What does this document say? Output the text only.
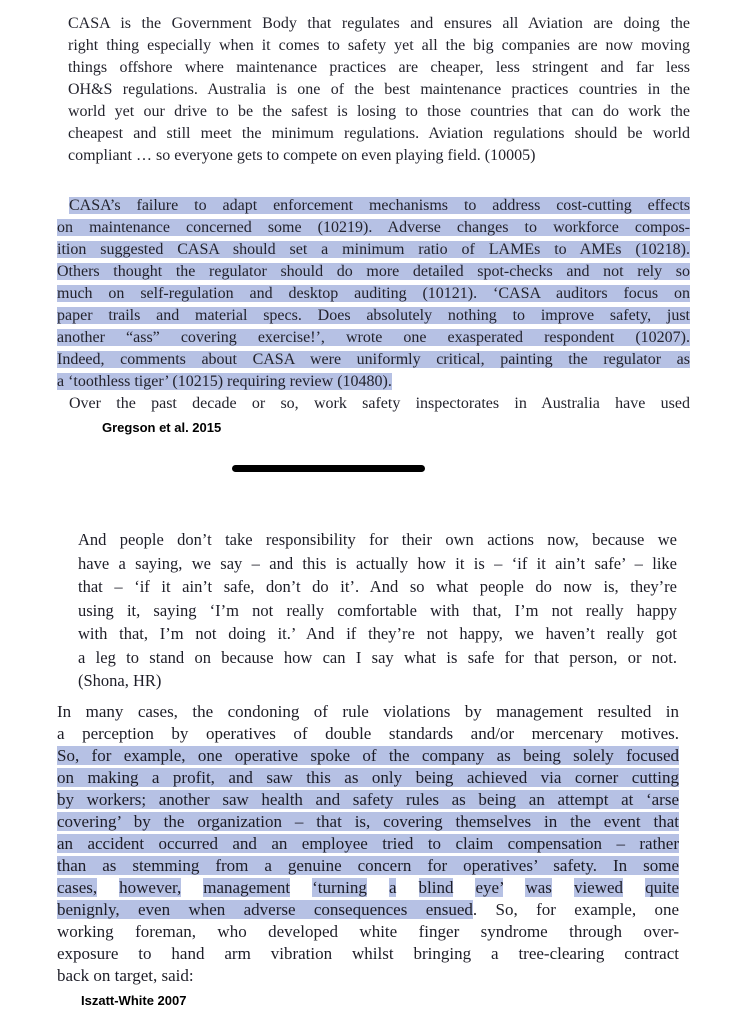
CASA is the Government Body that regulates and ensures all Aviation are doing the
right thing especially when it comes to safety yet all the big companies are now moving
things offshore where maintenance practices are cheaper, less stringent and far less
OH&S regulations. Australia is one of the best maintenance practices countries in the
world yet our drive to be the safest is losing to those countries that can do work the
cheapest and still meet the minimum regulations. Aviation regulations should be world
compliant … so everyone gets to compete on even playing field. (10005)
CASA’s failure to adapt enforcement mechanisms to address cost-cutting effects
on maintenance concerned some (10219). Adverse changes to workforce compos-
ition suggested CASA should set a minimum ratio of LAMEs to AMEs (10218).
Others thought the regulator should do more detailed spot-checks and not rely so
much on self-regulation and desktop auditing (10121). ‘CASA auditors focus on
paper trails and material specs. Does absolutely nothing to improve safety, just
another “ass” covering exercise!’, wrote one exasperated respondent (10207).
Indeed, comments about CASA were uniformly critical, painting the regulator as
a ‘toothless tiger’ (10215) requiring review (10480).
Over the past decade or so, work safety inspectorates in Australia have used
Gregson et al. 2015
And people don’t take responsibility for their own actions now, because we
have a saying, we say – and this is actually how it is – ‘if it ain’t safe’ – like
that – ‘if it ain’t safe, don’t do it’. And so what people do now is, they’re
using it, saying ‘I’m not really comfortable with that, I’m not really happy
with that, I’m not doing it.’ And if they’re not happy, we haven’t really got
a leg to stand on because how can I say what is safe for that person, or not.
(Shona, HR)
In many cases, the condoning of rule violations by management resulted in
a perception by operatives of double standards and/or mercenary motives.
So, for example, one operative spoke of the company as being solely focused
on making a profit, and saw this as only being achieved via corner cutting
by workers; another saw health and safety rules as being an attempt at ‘arse
covering’ by the organization – that is, covering themselves in the event that
an accident occurred and an employee tried to claim compensation – rather
than as stemming from a genuine concern for operatives’ safety. In some
cases, however, management ‘turning a blind eye’ was viewed quite
benignly, even when adverse consequences ensued. So, for example, one
working foreman, who developed white finger syndrome through over-
exposure to hand arm vibration whilst bringing a tree-clearing contract
back on target, said:
Iszatt-White 2007
